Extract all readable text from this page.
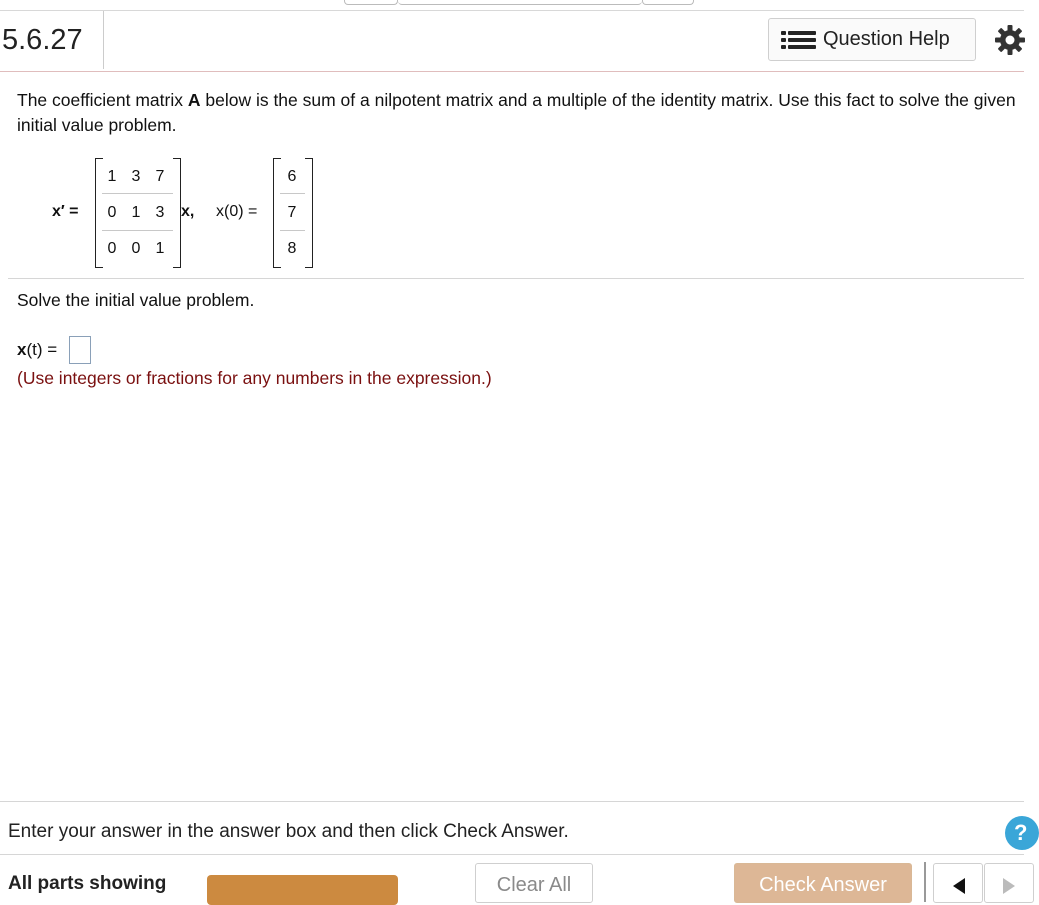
5.6.27	Question Help
The coefficient matrix A below is the sum of a nilpotent matrix and a multiple of the identity matrix. Use this fact to solve the given initial value problem.
x′ =
1 3 7
0 1 3
0 0 1
x, x(0) =
6
7
8
Solve the initial value problem.
x(t) =
(Use integers or fractions for any numbers in the expression.)
Enter your answer in the answer box and then click Check Answer.	?
All parts showing	Clear All	Check Answer
